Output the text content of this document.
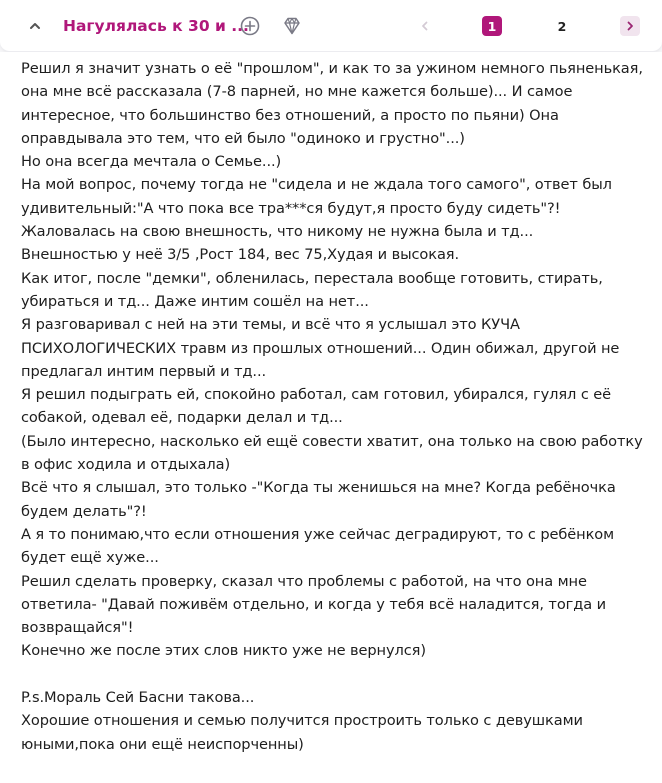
Нагулялась к 30 и ...	1	2
Решил я значит узнать о её "прошлом", и как то за ужином немного пьяненькая,
она мне всё рассказала (7-8 парней, но мне кажется больше)... И самое
интересное, что большинство без отношений, а просто по пьяни) Она
оправдывала это тем, что ей было "одиноко и грустно"...)
Но она всегда мечтала о Семье...)
На мой вопрос, почему тогда не "сидела и не ждала того самого", ответ был
удивительный:"А что пока все тра***ся будут,я просто буду сидеть"?!
Жаловалась на свою внешность, что никому не нужна была и тд...
Внешностью у неё 3/5 ,Рост 184, вес 75,Худая и высокая.
Как итог, после "демки", обленилась, перестала вообще готовить, стирать,
убираться и тд... Даже интим сошёл на нет...
Я разговаривал с ней на эти темы, и всё что я услышал это КУЧА
ПСИХОЛОГИЧЕСКИХ травм из прошлых отношений... Один обижал, другой не
предлагал интим первый и тд...
Я решил подыграть ей, спокойно работал, сам готовил, убирался, гулял с её
собакой, одевал её, подарки делал и тд...
(Было интересно, насколько ей ещё совести хватит, она только на свою работку
в офис ходила и отдыхала)
Всё что я слышал, это только -"Когда ты женишься на мне? Когда ребёночка
будем делать"?!
А я то понимаю,что если отношения уже сейчас деградируют, то с ребёнком
будет ещё хуже...
Решил сделать проверку, сказал что проблемы с работой, на что она мне
ответила- "Давай поживём отдельно, и когда у тебя всё наладится, тогда и
возвращайся"!
Конечно же после этих слов никто уже не вернулся)
P.s.Мораль Сей Басни такова...
Хорошие отношения и семью получится простроить только с девушками
юными,пока они ещё неиспорченны)
